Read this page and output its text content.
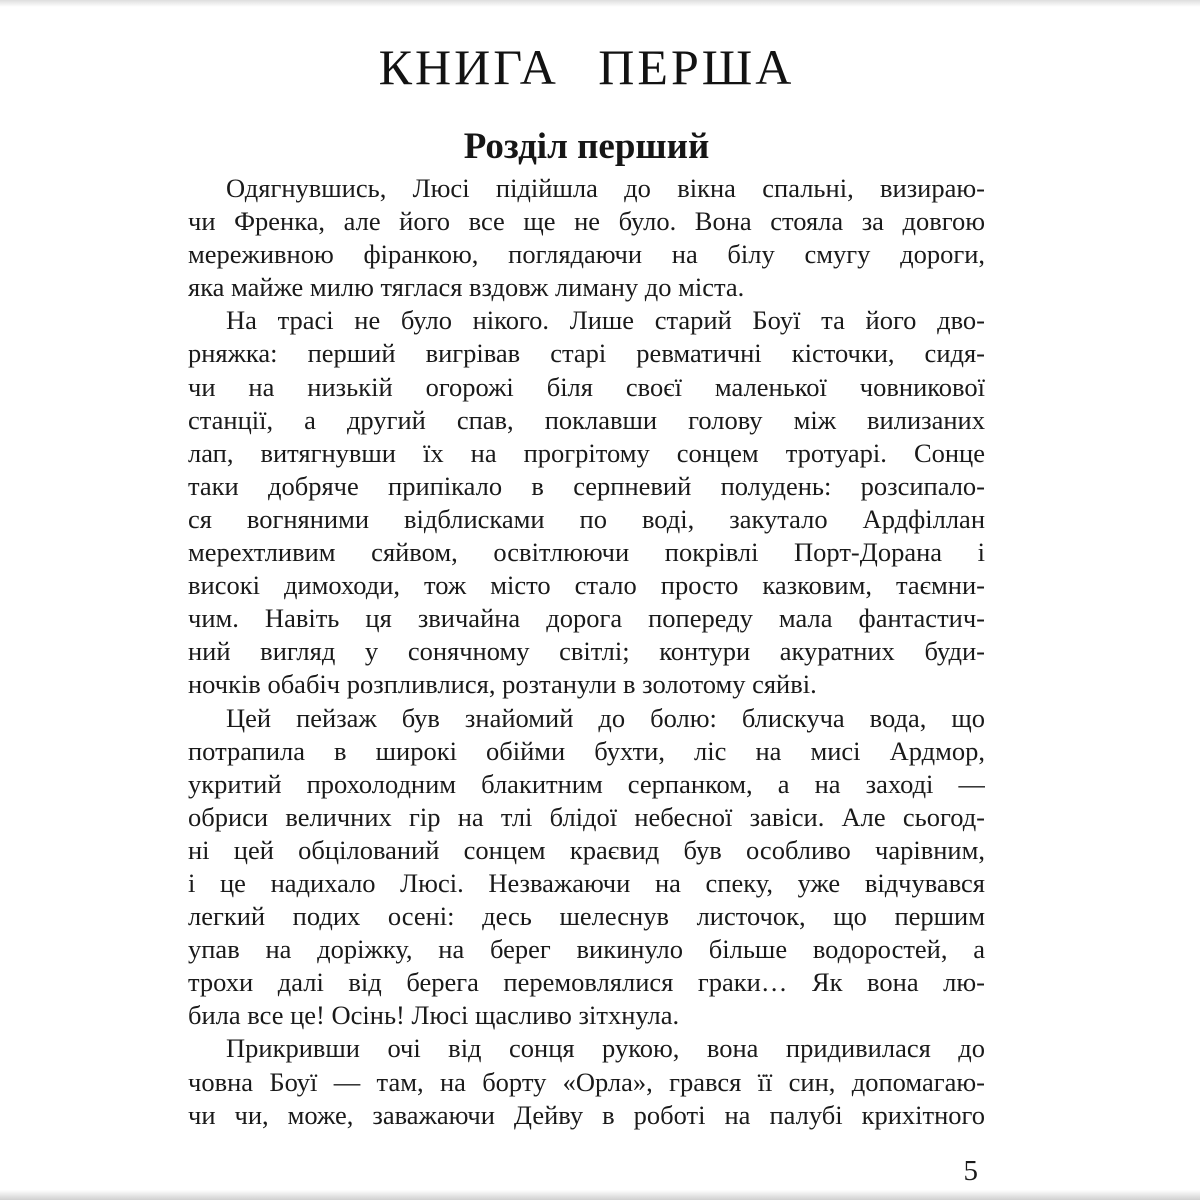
КНИГА ПЕРША
Розділ перший
Одягнувшись, Люсі підійшла до вікна спальні, визираю-
чи Френка, але його все ще не було. Вона стояла за довгою
мереживною фіранкою, поглядаючи на білу смугу дороги,
яка майже милю тяглася вздовж лиману до міста.
На трасі не було нікого. Лише старий Боуї та його дво-
рняжка: перший вигрівав старі ревматичні кісточки, сидя-
чи на низькій огорожі біля своєї маленької човникової
станції, а другий спав, поклавши голову між вилизаних
лап, витягнувши їх на прогрітому сонцем тротуарі. Сонце
таки добряче припікало в серпневий полудень: розсипало-
ся вогняними відблисками по воді, закутало Ардфіллан
мерехтливим сяйвом, освітлюючи покрівлі Порт-Дорана і
високі димоходи, тож місто стало просто казковим, таємни-
чим. Навіть ця звичайна дорога попереду мала фантастич-
ний вигляд у сонячному світлі; контури акуратних буди-
ночків обабіч розпливлися, розтанули в золотому сяйві.
Цей пейзаж був знайомий до болю: блискуча вода, що
потрапила в широкі обійми бухти, ліс на мисі Ардмор,
укритий прохолодним блакитним серпанком, а на заході —
обриси величних гір на тлі блідої небесної завіси. Але сьогод-
ні цей обцілований сонцем краєвид був особливо чарівним,
і це надихало Люсі. Незважаючи на спеку, уже відчувався
легкий подих осені: десь шелеснув листочок, що першим
упав на доріжку, на берег викинуло більше водоростей, а
трохи далі від берега перемовлялися граки… Як вона лю-
била все це! Осінь! Люсі щасливо зітхнула.
Прикривши очі від сонця рукою, вона придивилася до
човна Боуї — там, на борту «Орла», грався її син, допомагаю-
чи чи, може, заважаючи Дейву в роботі на палубі крихітного
5
